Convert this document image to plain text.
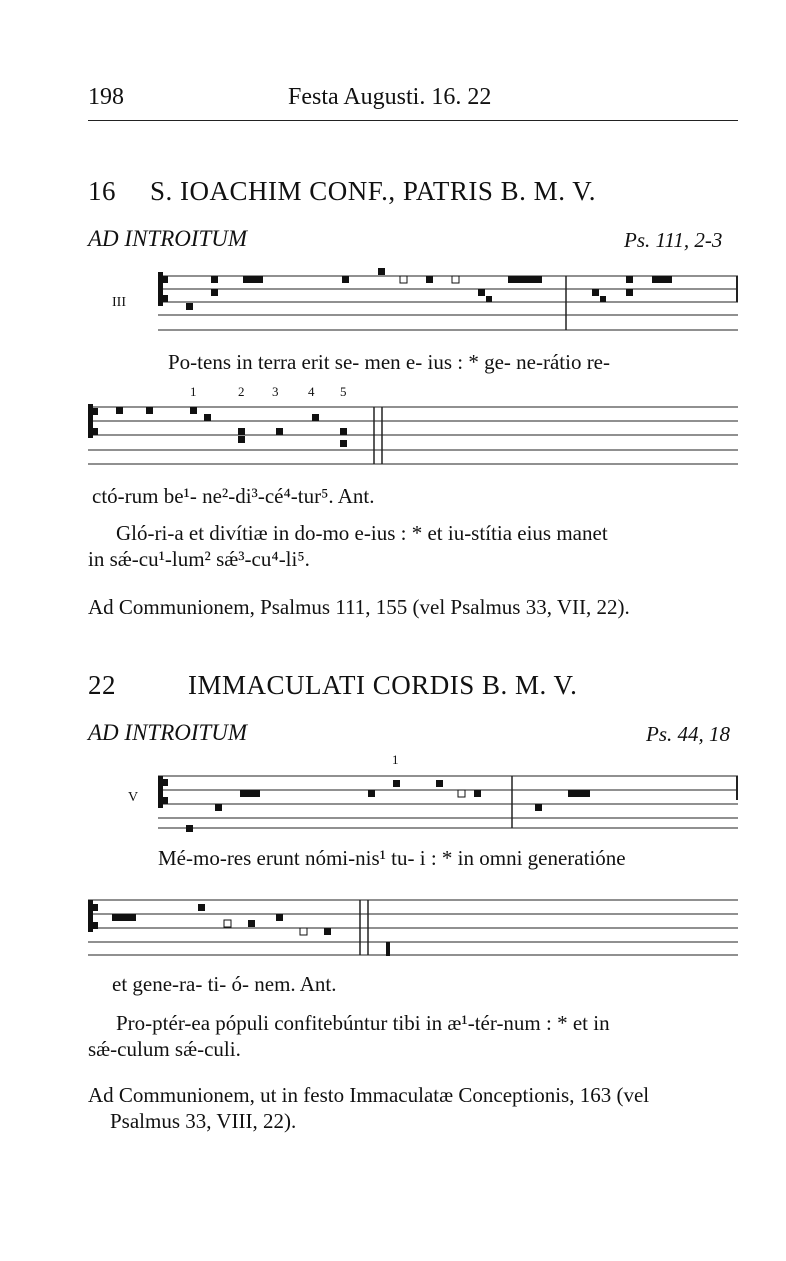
198	Festa Augusti. 16. 22
16 S. IOACHIM CONF., PATRIS B. M. V.
AD INTROITUM	Ps. 111, 2-3
III
Po-tens in terra erit se- men e- ius : * ge- ne-rátio re-
1	2 3 4 5
ctó-rum be¹- ne²-di³-cé⁴-tur⁵. Ant.
Gló-ri-a et divítiæ in do-mo e-ius : * et iu-stítia eius manet
in sǽ-cu¹-lum² sǽ³-cu⁴-li⁵.
Ad Communionem, Psalmus 111, 155 (vel Psalmus 33, VII, 22).
22	IMMACULATI CORDIS B. M. V.
AD INTROITUM	Ps. 44, 18
V
1
Mé-mo-res erunt nómi-nis¹ tu- i : * in omni generatióne
et gene-ra- ti- ó- nem. Ant.
Pro-ptér-ea pópuli confitebúntur tibi in æ¹-tér-num : * et in
sǽ-culum sǽ-culi.
Ad Communionem, ut in festo Immaculatæ Conceptionis, 163 (vel
Psalmus 33, VIII, 22).
